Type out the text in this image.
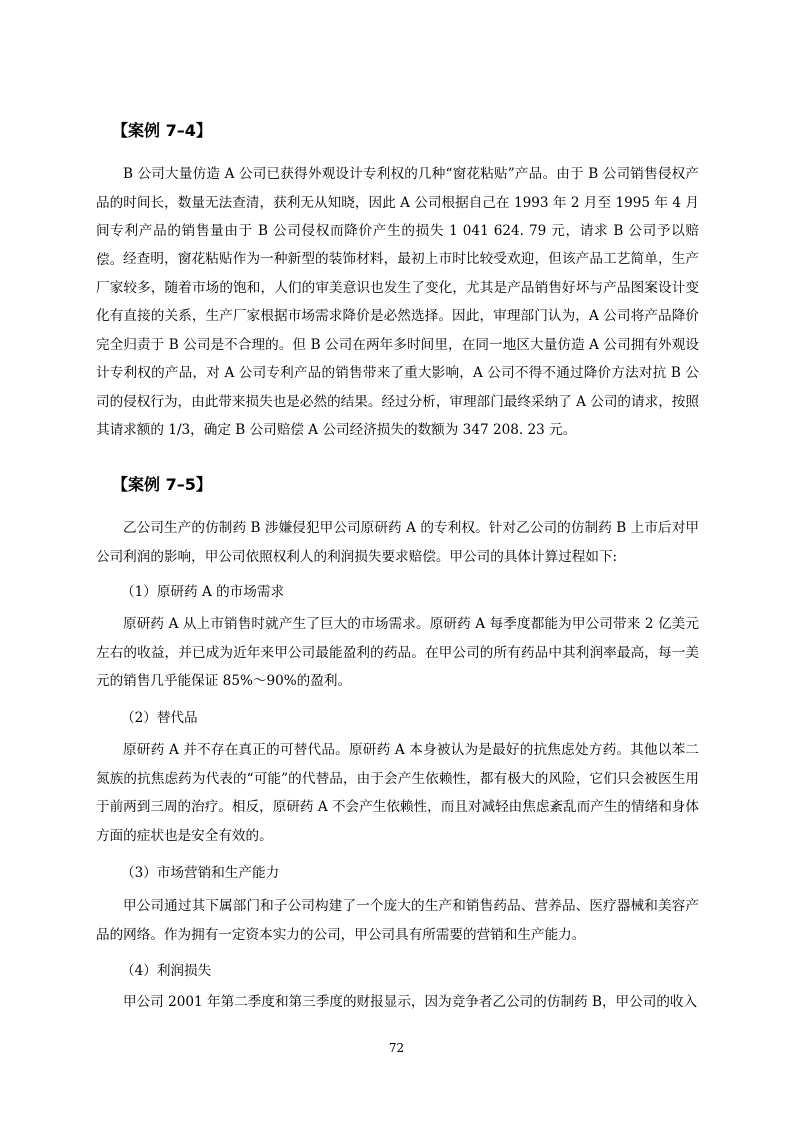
【案例 7–4】

B 公司大量仿造 A 公司已获得外观设计专利权的几种“窗花粘贴”产品。由于 B 公司销售侵权产品的时间长，数量无法查清，获利无从知晓，因此 A 公司根据自己在 1993 年 2 月至 1995 年 4 月间专利产品的销售量由于 B 公司侵权而降价产生的损失 1 041 624. 79 元，请求 B 公司予以赔偿。 经查明，窗花粘贴作为一种新型的装饰材料，最初上市时比较受欢迎，但该产品工艺简单，生产厂家较多，随着市场的饱和，人们的审美意识也发生了变化，尤其是产品销售好坏与产品图案设计变化有直接的关系，生产厂家根据市场需求降价是必然选择。因此，审理部门认为，A 公司将产品降价完全归责于 B 公司是不合理的。但 B 公司在两年多时间里，在同一地区大量仿造 A 公司拥有外观设计专利权的产品，对 A 公司专利产品的销售带来了重大影响，A 公司不得不通过降价方法对抗 B 公司的侵权行为，由此带来损失也是必然的结果。经过分析，审理部门最终采纳了 A 公司的请求，按照其请求额的 1/3，确定 B 公司赔偿 A 公司经济损失的数额为 347 208. 23 元。

【案例 7–5】

乙公司生产的仿制药 B 涉嫌侵犯甲公司原研药 A 的专利权。针对乙公司的仿制药 B 上市后对甲公司利润的影响，甲公司依照权利人的利润损失要求赔偿。甲公司的具体计算过程如下:

（1）原研药 A 的市场需求

原研药 A 从上市销售时就产生了巨大的市场需求。原研药 A 每季度都能为甲公司带来 2 亿美元左右的收益，并已成为近年来甲公司最能盈利的药品。在甲公司的所有药品中其利润率最高，每一美元的销售几乎能保证 85%～90%的盈利。

（2）替代品

原研药 A 并不存在真正的可替代品。原研药 A 本身被认为是最好的抗焦虑处方药。其他以苯二氮族的抗焦虑药为代表的“可能”的代替品，由于会产生依赖性，都有极大的风险，它们只会被医生用于前两到三周的治疗。相反，原研药 A 不会产生依赖性，而且对减轻由焦虑紊乱而产生的情绪和身体方面的症状也是安全有效的。

（3）市场营销和生产能力

甲公司通过其下属部门和子公司构建了一个庞大的生产和销售药品、营养品、医疗器械和美容产品的网络。作为拥有一定资本实力的公司，甲公司具有所需要的营销和生产能力。

（4）利润损失

甲公司 2001 年第二季度和第三季度的财报显示，因为竞争者乙公司的仿制药 B，甲公司的收入

72
